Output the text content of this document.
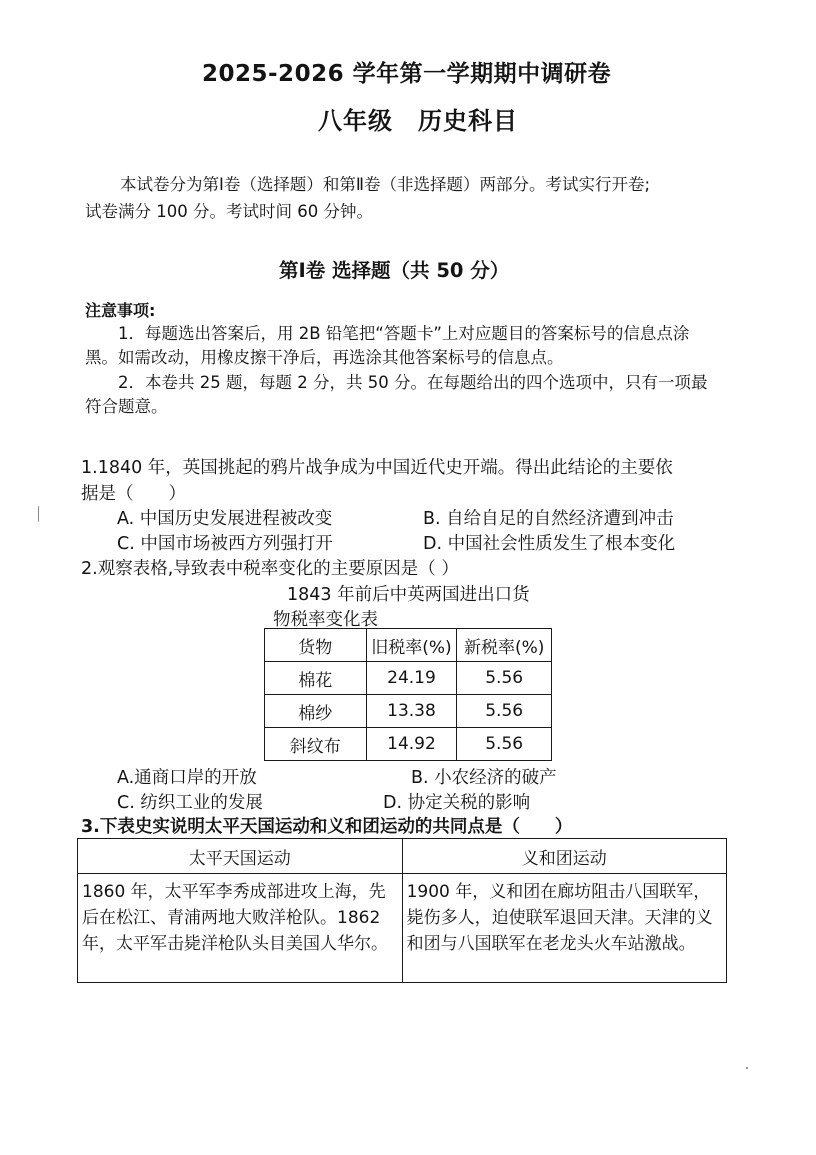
2025-2026 学年第一学期期中调研卷
八年级　历史科目
本试卷分为第Ⅰ卷（选择题）和第Ⅱ卷（非选择题）两部分。考试实行开卷;
试卷满分 100 分。考试时间 60 分钟。
第Ⅰ卷 选择题（共 50 分）
注意事项:
1．每题选出答案后，用 2B 铅笔把“答题卡”上对应题目的答案标号的信息点涂
黑。如需改动，用橡皮擦干净后，再选涂其他答案标号的信息点。
2．本卷共 25 题，每题 2 分，共 50 分。在每题给出的四个选项中，只有一项最
符合题意。
1.1840 年，英国挑起的鸦片战争成为中国近代史开端。得出此结论的主要依
据是（　　）
A. 中国历史发展进程被改变	B. 自给自足的自然经济遭到冲击
C. 中国市场被西方列强打开	D. 中国社会性质发生了根本变化
2.观察表格,导致表中税率变化的主要原因是（ ）
1843 年前后中英两国进出口货
物税率变化表
货物	旧税率(%)	新税率(%)
棉花	24.19	5.56
棉纱	13.38	5.56
斜纹布	14.92	5.56
A.通商口岸的开放	B. 小农经济的破产
C. 纺织工业的发展	D. 协定关税的影响
3.下表史实说明太平天国运动和义和团运动的共同点是（　　）
太平天国运动	义和团运动
1860 年，太平军李秀成部进攻上海，先后在松江、青浦两地大败洋枪队。1862 年，太平军击毙洋枪队头目美国人华尔。	1900 年，义和团在廊坊阻击八国联军，毙伤多人，迫使联军退回天津。天津的义和团与八国联军在老龙头火车站激战。
